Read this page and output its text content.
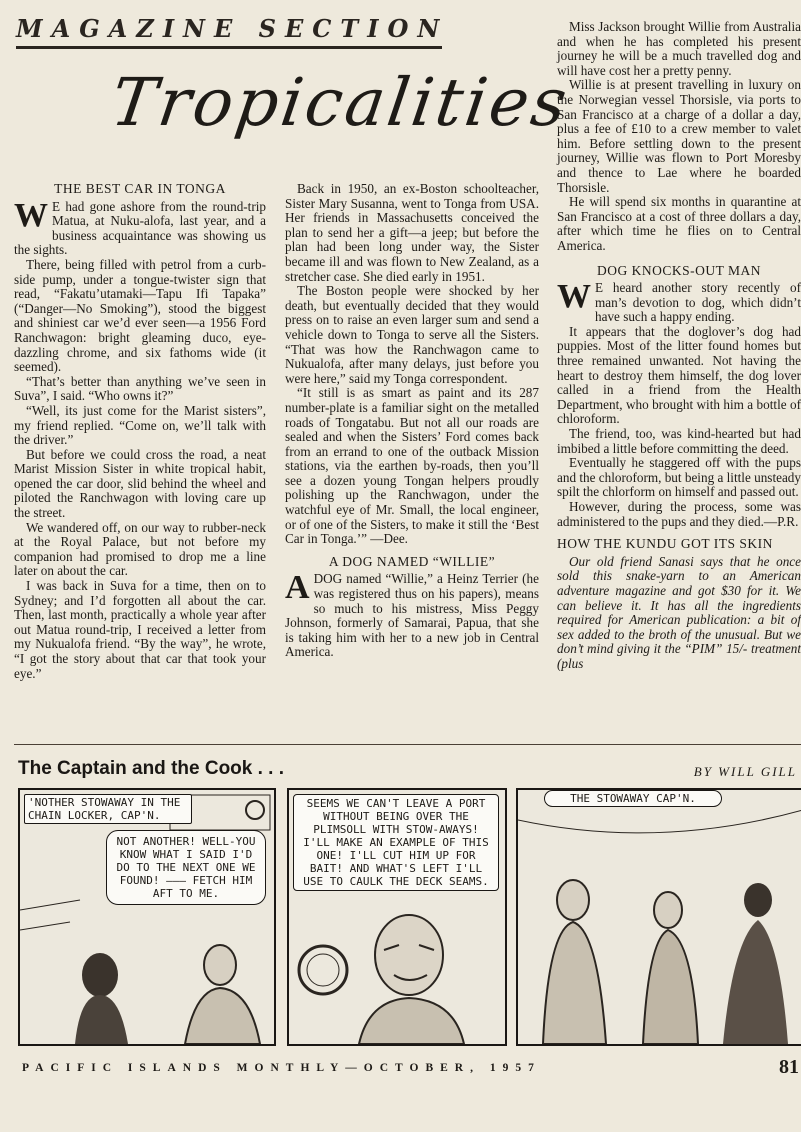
MAGAZINE SECTION
Tropicalities
THE BEST CAR IN TONGA

W E had gone ashore from the round-trip Matua, at Nuku-alofa, last year, and a business acquaintance was showing us the sights.

There, being filled with petrol from a curb-side pump, under a tongue-twister sign that read, “Fakatu’utamaki—Tapu Ifi Tapaka” (“Danger—No Smoking”), stood the biggest and shiniest car we’d ever seen—a 1956 Ford Ranchwagon: bright gleaming duco, eye-dazzling chrome, and six fathoms wide (it seemed).

“That’s better than anything we’ve seen in Suva”, I said. “Who owns it?”

“Well, its just come for the Marist sisters”, my friend replied. “Come on, we’ll talk with the driver.”

But before we could cross the road, a neat Marist Mission Sister in white tropical habit, opened the car door, slid behind the wheel and piloted the Ranchwagon with loving care up the street.

We wandered off, on our way to rubber-neck at the Royal Palace, but not before my companion had promised to drop me a line later on about the car.

I was back in Suva for a time, then on to Sydney; and I’d forgotten all about the car. Then, last month, practically a whole year after out Matua round-trip, I received a letter from my Nukualofa friend. “By the way”, he wrote, “I got the story about that car that took your eye.”

Back in 1950, an ex-Boston schoolteacher, Sister Mary Susanna, went to Tonga from USA. Her friends in Massachusetts conceived the plan to send her a gift—a jeep; but before the plan had been long under way, the Sister became ill and was flown to New Zealand, as a stretcher case. She died early in 1951.

The Boston people were shocked by her death, but eventually decided that they would press on to raise an even larger sum and send a vehicle down to Tonga to serve all the Sisters. “That was how the Ranchwagon came to Nukualofa, after many delays, just before you were here,” said my Tonga correspondent.

“It still is as smart as paint and its 287 number-plate is a familiar sight on the metalled roads of Tongatabu. But not all our roads are sealed and when the Sisters’ Ford comes back from an errand to one of the outback Mission stations, via the earthen by-roads, then you’ll see a dozen young Tongan helpers proudly polishing up the Ranchwagon, under the watchful eye of Mr. Small, the local engineer, or of one of the Sisters, to make it still the ‘Best Car in Tonga.’” —Dee.

A DOG NAMED “WILLIE”

ADOG named “Willie,” a Heinz Terrier (he was registered thus on his papers), means so much to his mistress, Miss Peggy Johnson, formerly of Samarai, Papua, that she is taking him with her to a new job in Central America.

Miss Jackson brought Willie from Australia and when he has completed his present journey he will be a much travelled dog and will have cost her a pretty penny.

Willie is at present travelling in luxury on the Norwegian vessel Thorsisle, via ports to San Francisco at a charge of a dollar a day, plus a fee of £10 to a crew member to valet him. Before settling down to the present journey, Willie was flown to Port Moresby and thence to Lae where he boarded Thorsisle.

He will spend six months in quarantine at San Francisco at a cost of three dollars a day, after which time he flies on to Central America.

DOG KNOCKS-OUT MAN

W E heard another story recently of man’s devotion to dog, which didn’t have such a happy ending.

It appears that the doglover’s dog had puppies. Most of the litter found homes but three remained unwanted. Not having the heart to destroy them himself, the dog lover called in a friend from the Health Department, who brought with him a bottle of chloroform.

The friend, too, was kind-hearted but had imbibed a little before committing the deed.

Eventually he staggered off with the pups and the chloroform, but being a little unsteady spilt the chlorform on himself and passed out.

However, during the process, some was administered to the pups and they died.—P.R.

HOW THE KUNDU GOT ITS SKIN

Our old friend Sanasi says that he once sold this snake-yarn to an American adventure magazine and got $30 for it. We can believe it. It has all the ingredients required for American publication: a bit of sex added to the broth of the unusual. But we don’t mind giving it the “PIM” 15/- treatment (plus

The Captain and the Cook . . .	BY WILL GILL
'NOTHER STOWAWAY IN THE CHAIN LOCKER, CAP'N.
NOT ANOTHER! WELL-YOU KNOW WHAT I SAID I'D DO TO THE NEXT ONE WE FOUND! ——— FETCH HIM AFT TO ME.
SEEMS WE CAN'T LEAVE A PORT WITHOUT BEING OVER THE PLIMSOLL WITH STOW-AWAYS! I'LL MAKE AN EXAMPLE OF THIS ONE! I'LL CUT HIM UP FOR BAIT! AND WHAT'S LEFT I'LL USE TO CAULK THE DECK SEAMS.
THE STOWAWAY CAP'N.
PACIFIC ISLANDS MONTHLY—OCTOBER, 1957	81
